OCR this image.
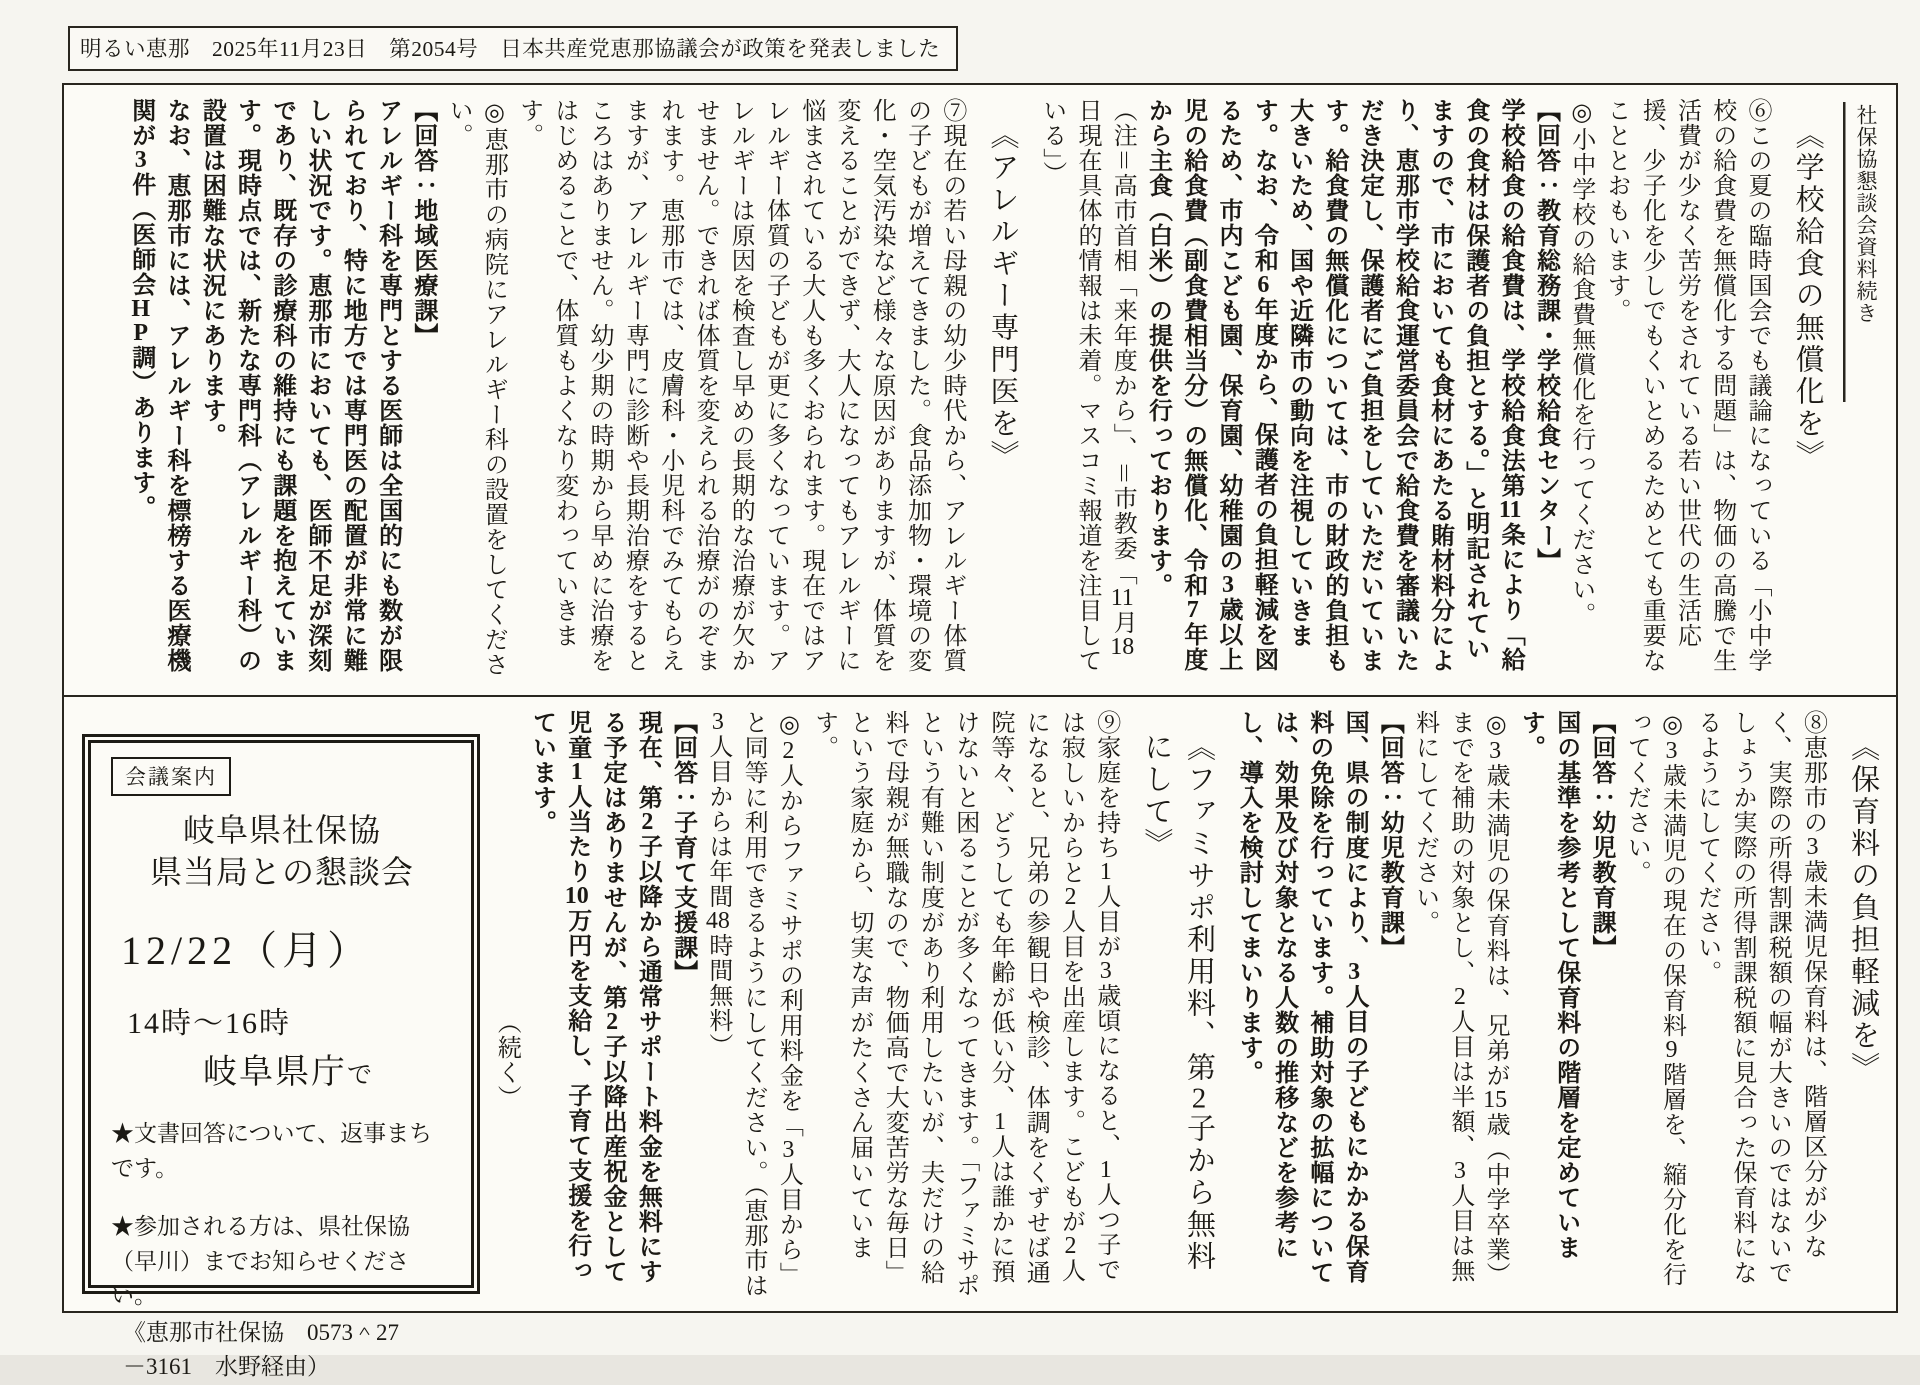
明るい恵那　2025年11月23日　第2054号　日本共産党恵那協議会が政策を発表しました
社保協懇談会資料続き
《学校給食の無償化を》
⑥この夏の臨時国会でも議論になっている「小中学校の給食費を無償化する問題」は、物価の高騰で生活費が少なく苦労をされている若い世代の生活応援、少子化を少しでもくいとめるためとても重要なこととおもいます。
◎小中学校の給食費無償化を行ってください。
【回答：教育総務課・学校給食センター】
学校給食の給食費は、学校給食法第11条により「給食の食材は保護者の負担とする。」と明記されていますので、市においても食材にあたる賄材料分により、恵那市学校給食運営委員会で給食費を審議いただき決定し、保護者にご負担をしていただいています。給食費の無償化については、市の財政的負担も大きいため、国や近隣市の動向を注視していきます。なお、令和6年度から、保護者の負担軽減を図るため、市内こども園、保育園、幼稚園の3歳以上児の給食費（副食費相当分）の無償化、令和7年度から主食（白米）の提供を行っております。
（注＝高市首相「来年度から」、＝市教委「11月18日現在具体的情報は未着。マスコミ報道を注目している」）
《アレルギー専門医を》
⑦現在の若い母親の幼少時代から、アレルギー体質の子どもが増えてきました。食品添加物・環境の変化・空気汚染など様々な原因がありますが、体質を変えることができず、大人になってもアレルギーに悩まされている大人も多くおられます。現在ではアレルギー体質の子どもが更に多くなっています。アレルギーは原因を検査し早めの長期的な治療が欠かせません。できれば体質を変えられる治療がのぞまれます。恵那市では、皮膚科・小児科でみてもらえますが、アレルギー専門に診断や長期治療をするところはありません。幼少期の時期から早めに治療をはじめることで、体質もよくなり変わっていきます。
◎恵那市の病院にアレルギー科の設置をしてください。
【回答：地域医療課】
アレルギー科を専門とする医師は全国的にも数が限られており、特に地方では専門医の配置が非常に難しい状況です。恵那市においても、医師不足が深刻であり、既存の診療科の維持にも課題を抱えています。現時点では、新たな専門科（アレルギー科）の設置は困難な状況にあります。
なお、恵那市には、アレルギー科を標榜する医療機関が3件（医師会HP調）あります。
会議案内
岐阜県社保協
県当局との懇談会
12/22（月）
14時～16時
岐阜県庁で
★文書回答について、返事まちです。
★参加される方は、県社保協（早川）までお知らせください。
《恵那市社保協　0573＾27
－3161　水野経由）
《保育料の負担軽減を》
⑧恵那市の3歳未満児保育料は、階層区分が少なく、実際の所得割課税額の幅が大きいのではないでしょうか実際の所得割課税額に見合った保育料になるようにしてください。
◎3歳未満児の現在の保育料9階層を、縮分化を行ってください。
【回答：幼児教育課】
国の基準を参考として保育料の階層を定めています。
◎3歳未満児の保育料は、兄弟が15歳（中学卒業）までを補助の対象とし、2人目は半額、3人目は無料にしてください。
【回答：幼児教育課】
国、県の制度により、3人目の子どもにかかる保育料の免除を行っています。補助対象の拡幅については、効果及び対象となる人数の推移などを参考にし、導入を検討してまいります。
《ファミサポ利用料、第2子から無料にして》
⑨家庭を持ち1人目が3歳頃になると、1人つ子では寂しいからと2人目を出産します。こどもが2人になると、兄弟の参観日や検診、体調をくずせば通院等々、どうしても年齢が低い分、1人は誰かに預けないと困ることが多くなってきます。「ファミサポという有難い制度があり利用したいが、夫だけの給料で母親が無職なので、物価高で大変苦労な毎日」という家庭から、切実な声がたくさん届いています。
◎2人からファミサポの利用料金を「3人目から」と同等に利用できるようにしてください。（恵那市は3人目からは年間48時間無料）
【回答：子育て支援課】
現在、第2子以降から通常サポート料金を無料にする予定はありませんが、第2子以降出産祝金として児童1人当たり10万円を支給し、子育て支援を行っています。
（続く）
